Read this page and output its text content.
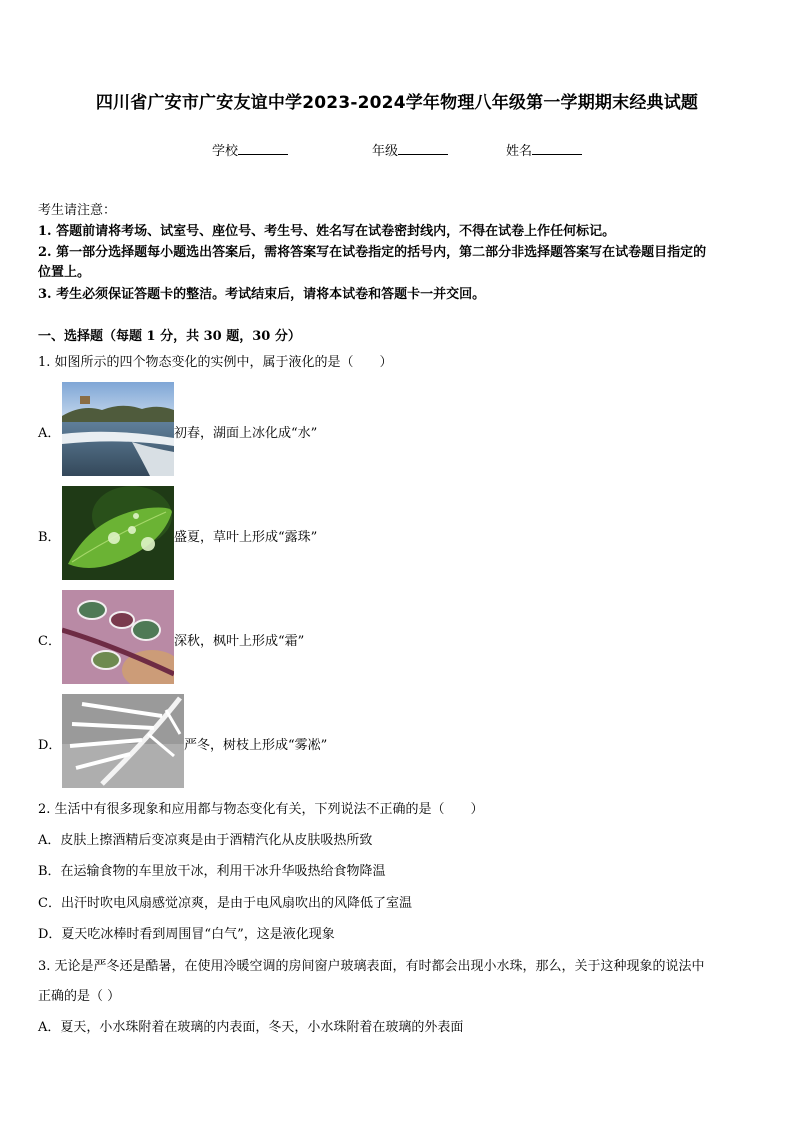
四川省广安市广安友谊中学2023-2024学年物理八年级第一学期期末经典试题
学校	年级	姓名
考生请注意：
1. 答题前请将考场、试室号、座位号、考生号、姓名写在试卷密封线内，不得在试卷上作任何标记。
2. 第一部分选择题每小题选出答案后，需将答案写在试卷指定的括号内，第二部分非选择题答案写在试卷题目指定的
位置上。
3. 考生必须保证答题卡的整洁。考试结束后，请将本试卷和答题卡一并交回。
一、选择题（每题 1 分，共 30 题，30 分）
1. 如图所示的四个物态变化的实例中，属于液化的是（　　）
A．	初春，湖面上冰化成“水”
B．	盛夏，草叶上形成“露珠”
C．	深秋，枫叶上形成“霜”
D．	严冬，树枝上形成“雾凇”
2. 生活中有很多现象和应用都与物态变化有关，下列说法不正确的是（　　）
A．皮肤上擦酒精后变凉爽是由于酒精汽化从皮肤吸热所致
B．在运输食物的车里放干冰，利用干冰升华吸热给食物降温
C．出汗时吹电风扇感觉凉爽，是由于电风扇吹出的风降低了室温
D．夏天吃冰棒时看到周围冒“白气”，这是液化现象
3. 无论是严冬还是酷暑，在使用冷暖空调的房间窗户玻璃表面，有时都会出现小水珠，那么，关于这种现象的说法中
正确的是（ ）
A．夏天，小水珠附着在玻璃的内表面，冬天，小水珠附着在玻璃的外表面
